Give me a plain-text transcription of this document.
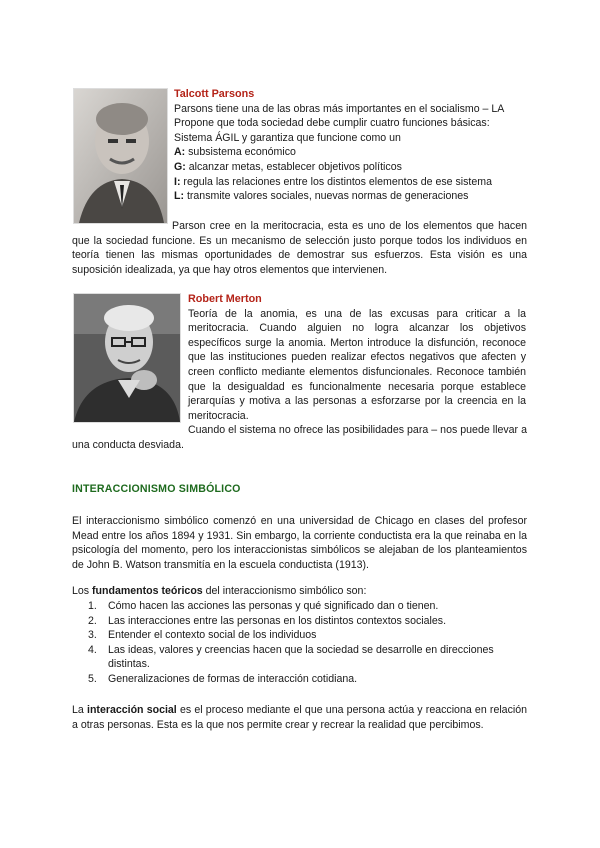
Talcott Parsons
Parsons tiene una de las obras más importantes en el socialismo – LA
Propone que toda sociedad debe cumplir cuatro funciones básicas:
Sistema ÁGIL y garantiza que funcione como un
A: subsistema económico
G: alcanzar metas, establecer objetivos políticos
I: regula las relaciones entre los distintos elementos de ese sistema
L: transmite valores sociales, nuevas normas de generaciones
Parson cree en la meritocracia, esta es uno de los elementos que hacen que la sociedad funcione. Es un mecanismo de selección justo porque todos los individuos en teoría tienen las mismas oportunidades de demostrar sus esfuerzos. Esta visión es una suposición idealizada, ya que hay otros elementos que intervienen.
Robert Merton
Teoría de la anomia, es una de las excusas para criticar a la meritocracia. Cuando alguien no logra alcanzar los objetivos específicos surge la anomia. Merton introduce la disfunción, reconoce que las instituciones pueden realizar efectos negativos que afecten y creen conflicto mediante elementos disfuncionales. Reconoce también que la desigualdad es funcionalmente necesaria porque establece jerarquías y motiva a las personas a esforzarse por la creencia en la meritocracia.
Cuando el sistema no ofrece las posibilidades para – nos puede llevar a una conducta desviada.
INTERACCIONISMO SIMBÓLICO
El interaccionismo simbólico comenzó en una universidad de Chicago en clases del profesor Mead entre los años 1894 y 1931. Sin embargo, la corriente conductista era la que reinaba en la psicología del momento, pero los interaccionistas simbólicos se alejaban de los planteamientos de John B. Watson transmitía en la escuela conductista (1913).
Los fundamentos teóricos del interaccionismo simbólico son:
1. Cómo hacen las acciones las personas y qué significado dan o tienen.
2. Las interacciones entre las personas en los distintos contextos sociales.
3. Entender el contexto social de los individuos
4. Las ideas, valores y creencias hacen que la sociedad se desarrolle en direcciones distintas.
5. Generalizaciones de formas de interacción cotidiana.
La interacción social es el proceso mediante el que una persona actúa y reacciona en relación a otras personas. Esta es la que nos permite crear y recrear la realidad que percibimos.
